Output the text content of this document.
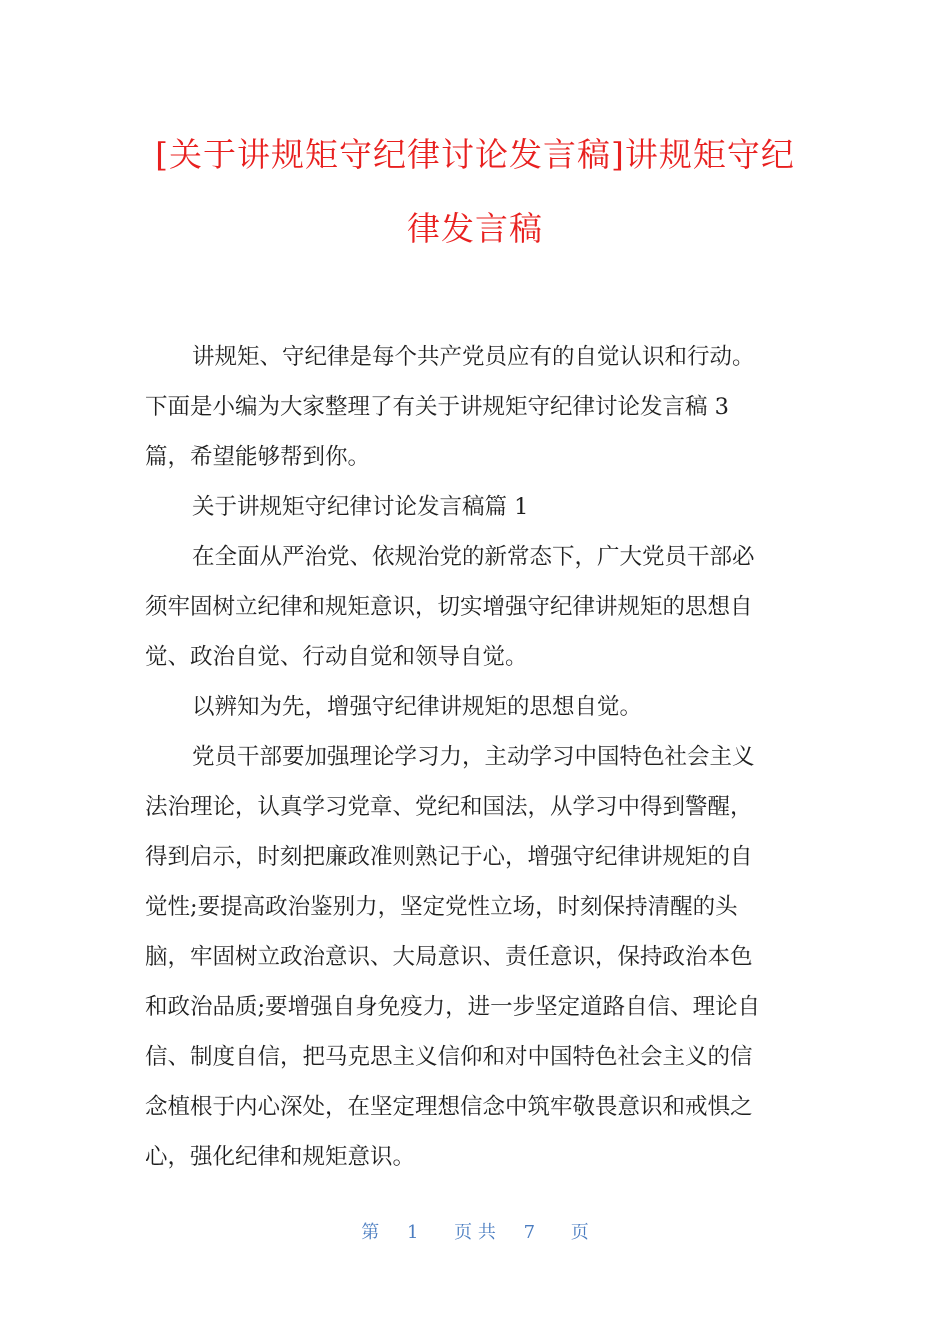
[关于讲规矩守纪律讨论发言稿]讲规矩守纪
律发言稿

讲规矩、守纪律是每个共产党员应有的自觉认识和行动。
下面是小编为大家整理了有关于讲规矩守纪律讨论发言稿 3
篇，希望能够帮到你。

关于讲规矩守纪律讨论发言稿篇 1

在全面从严治党、依规治党的新常态下，广大党员干部必
须牢固树立纪律和规矩意识，切实增强守纪律讲规矩的思想自
觉、政治自觉、行动自觉和领导自觉。

以辨知为先，增强守纪律讲规矩的思想自觉。

党员干部要加强理论学习力，主动学习中国特色社会主义
法治理论，认真学习党章、党纪和国法，从学习中得到警醒，
得到启示，时刻把廉政准则熟记于心，增强守纪律讲规矩的自
觉性;要提高政治鉴别力，坚定党性立场，时刻保持清醒的头
脑，牢固树立政治意识、大局意识、责任意识，保持政治本色
和政治品质;要增强自身免疫力，进一步坚定道路自信、理论自
信、制度自信，把马克思主义信仰和对中国特色社会主义的信
念植根于内心深处，在坚定理想信念中筑牢敬畏意识和戒惧之
心，强化纪律和规矩意识。

第 1 页 共 7 页
